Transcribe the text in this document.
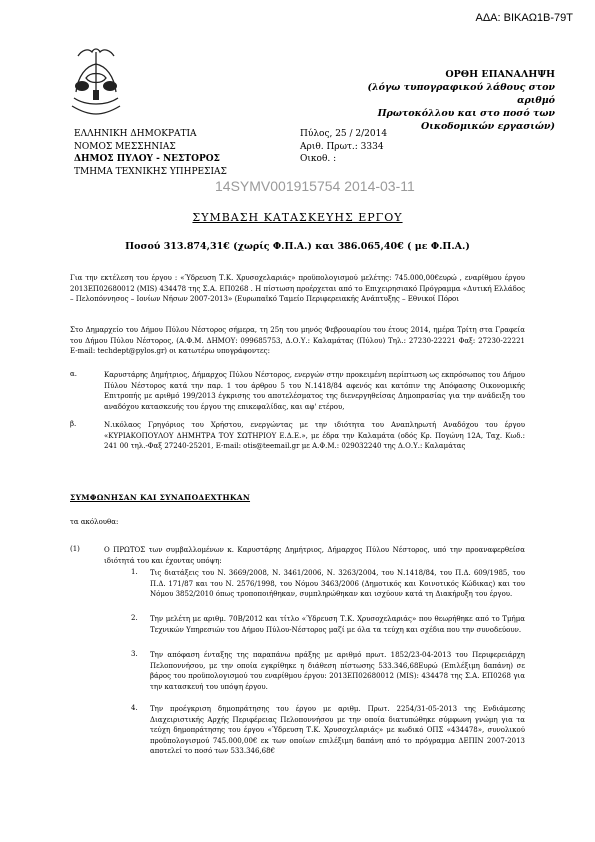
ΑΔΑ: ΒΙΚΑΩ1Β-79Τ
ΟΡΘΗ ΕΠΑΝΑΛΗΨΗ
(λόγω τυπογραφικού λάθους στον αριθμό
Πρωτοκόλλου και στο ποσό των
Οικοδομικών εργασιών)
ΕΛΛΗΝΙΚΗ ΔΗΜΟΚΡΑΤΙΑ
ΝΟΜΟΣ ΜΕΣΣΗΝΙΑΣ
ΔΗΜΟΣ ΠΥΛΟΥ - ΝΕΣΤΟΡΟΣ
ΤΜΗΜΑ ΤΕΧΝΙΚΗΣ ΥΠΗΡΕΣΙΑΣ
Πύλος, 25 / 2/2014
Αριθ. Πρωτ.: 3334
Οικοθ. :
14SYMV001915754 2014-03-11
ΣΥΜΒΑΣΗ ΚΑΤΑΣΚΕΥΗΣ ΕΡΓΟΥ
Ποσού 313.874,31€ (χωρίς Φ.Π.Α.) και 386.065,40€ ( με Φ.Π.Α.)
Για την εκτέλεση του έργου : «Ύδρευση Τ.Κ. Χρυσοχελαριάς» προϋπολογισμού μελέτης: 745.000,00€ευρώ , εναρίθμου έργου 2013ΕΠ02680012 (ΜΙS) 434478 της Σ.Α. ΕΠ0268 . Η πίστωση προέρχεται από το Επιχειρησιακό Πρόγραμμα «Δυτική Ελλάδος – Πελοπόννησος – Ιονίων Νήσων 2007-2013» (Ευρωπαϊκό Ταμείο Περιφερειακής Ανάπτυξης – Εθνικοί Πόροι
Στο Δημαρχείο του Δήμου Πύλου Νέστορος σήμερα, τη 25η του μηνός Φεβρουαρίου του έτους 2014, ημέρα Τρίτη στα Γραφεία του Δήμου Πύλου Νέστορος, (Α.Φ.Μ. ΔΗΜΟΥ: 099685753, Δ.Ο.Υ.: Καλαμάτας (Πύλου) Τηλ.: 27230-22221 Φαξ: 27230-22221 E-mail: techdept@pylos.gr) οι κατωτέρω υπογράφοντες:
α.	Καρυστάρης Δημήτριος, Δήμαρχος Πύλου Νέστορος, ενεργών στην προκειμένη περίπτωση ως εκπρόσωπος του Δήμου Πύλου Νέστορος κατά την παρ. 1 του άρθρου 5 του Ν.1418/84 αφενός και κατόπιν της Απόφασης Οικονομικής Επιτροπής με αριθμό 199/2013 έγκρισης του αποτελέσματος της διενεργηθείσας Δημοπρασίας για την ανάδειξη του αναδόχου κατασκευής του έργου της επικεφαλίδας, και αφ' ετέρου,
β.	Ν.ικόλαος Γρηγόριος του Χρήστου, ενεργώντας με την ιδιότητα του Αναπληρωτή Αναδόχου του έργου «ΚΥΡΙΑΚΟΠΟΥΛΟΥ ΔΗΜΗΤΡΑ ΤΟΥ ΣΩΤΗΡΙΟΥ Ε.Δ.Ε.», με έδρα την Καλαμάτα (οδός Κρ. Πογώνη 12Α, Ταχ. Κωδ.: 241 00 τηλ.-Φαξ 27240-25201, E-mail: otis@teemail.gr με Α.Φ.Μ.: 029032240 της Δ.Ο.Υ.: Καλαμάτας
ΣΥΜΦΩΝΗΣΑΝ ΚΑΙ ΣΥΝΑΠΟΔΕΧΤΗΚΑΝ
τα ακόλουθα:
(1)	Ο ΠΡΩΤΟΣ των συμβαλλομένων κ. Καρυστάρης Δημήτριος, Δήμαρχος Πύλου Νέστορος, υπό την προαναφερθείσα ιδιότητά του και έχοντας υπόψη:
1. Τις διατάξεις του Ν. 3669/2008, Ν. 3461/2006, Ν. 3263/2004, του Ν.1418/84, του Π.Δ. 609/1985, του Π.Δ. 171/87 και του Ν. 2576/1998, του Νόμου 3463/2006 (Δημοτικός και Κοινοτικός Κώδικας) και του Νόμου 3852/2010 όπως τροποποιήθηκαν, συμπληρώθηκαν και ισχύουν κατά τη Διακήρυξη του έργου.
2. Την μελέτη με αριθμ. 70Β/2012 και τίτλο «Ύδρευση Τ.Κ. Χρυσοχελαριάς» που θεωρήθηκε από το Τμήμα Τεχνικών Υπηρεσιών του Δήμου Πύλου-Νέστορος μαζί με όλα τα τεύχη και σχέδια που την συνοδεύουν.
3. Την απόφαση ένταξης της παραπάνω πράξης με αριθμό πρωτ. 1852/23-04-2013 του Περιφερειάρχη Πελοποννήσου, με την οποία εγκρίθηκε η διάθεση πίστωσης 533.346,68Ευρώ (Επιλέξιμη δαπάνη) σε βάρος του προϋπολογισμού του εναρίθμου έργου: 2013ΕΠ02680012 (MIS): 434478 της Σ.Α. ΕΠ0268 για την κατασκευή του υπόψη έργου.
4. Την προέγκριση δημοπράτησης του έργου με αριθμ. Πρωτ. 2254/31-05-2013 της Ενδιάμεσης Διαχειριστικής Αρχής Περιφέρειας Πελοποννήσου με την οποία διατυπώθηκε σύμφωνη γνώμη για τα τεύχη δημοπράτησης του έργου «Ύδρευση Τ.Κ. Χρυσοχελαριάς» με κωδικό ΟΠΣ «434478», συνολικού προϋπολογισμού 745.000,00€ εκ των οποίων επιλέξιμη δαπάνη από το πρόγραμμα ΔΕΠΙΝ 2007-2013 αποτελεί το ποσό των 533.346,68€
